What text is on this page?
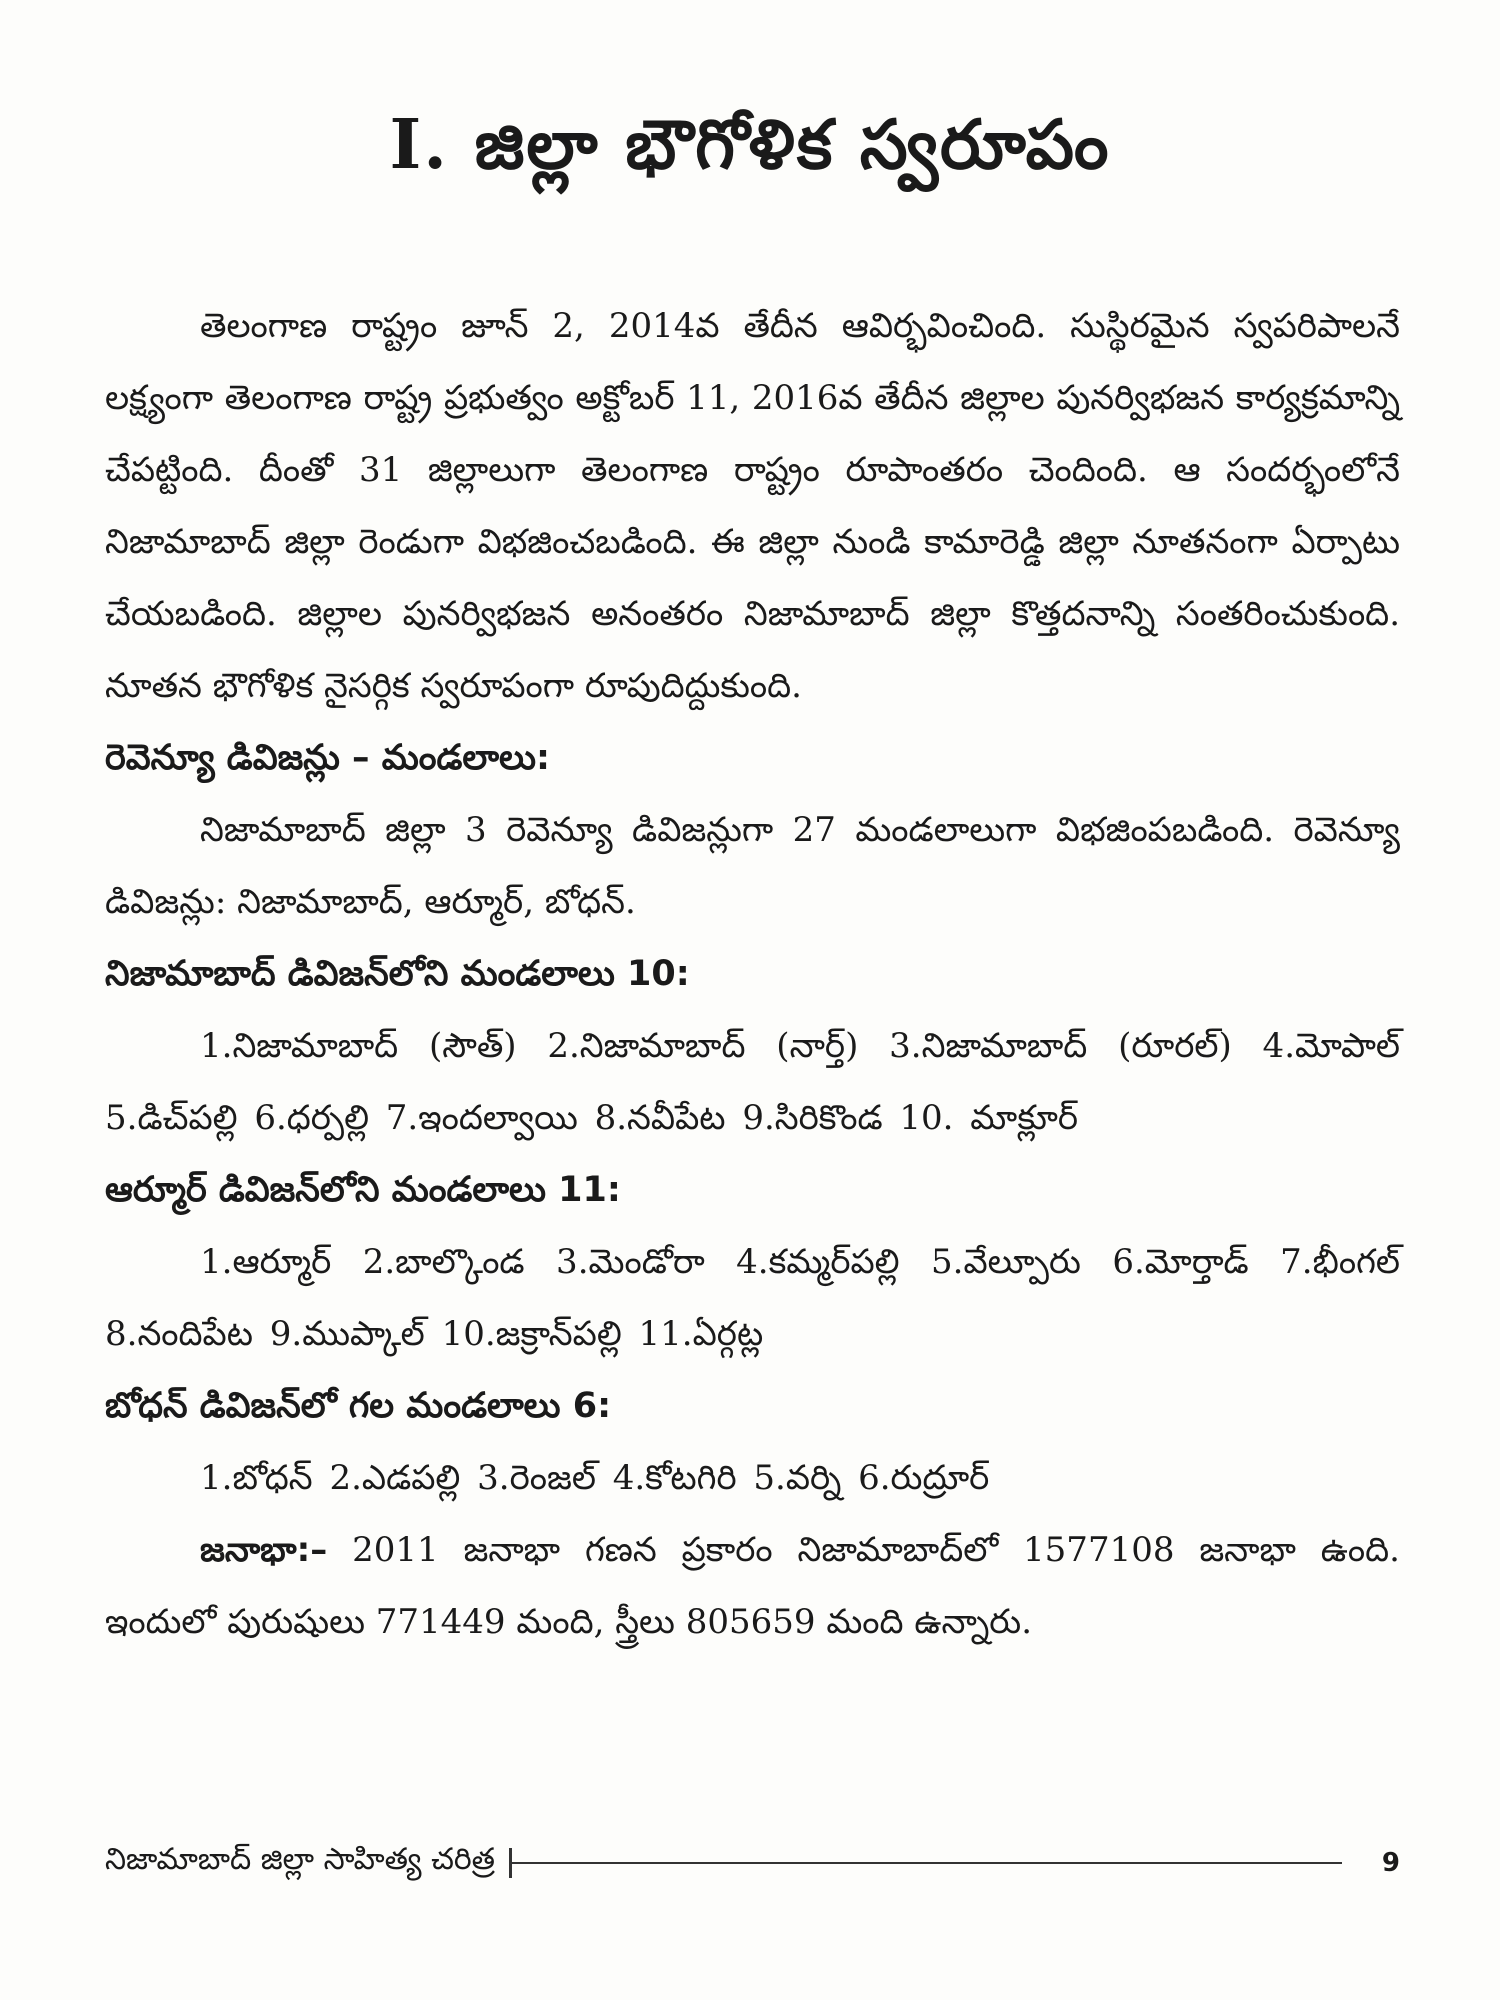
I. జిల్లా భౌగోళిక స్వరూపం

తెలంగాణ రాష్ట్రం జూన్ 2, 2014వ తేదీన ఆవిర్భవించింది. సుస్థిరమైన స్వపరిపాలనే లక్ష్యంగా తెలంగాణ రాష్ట్ర ప్రభుత్వం అక్టోబర్ 11, 2016వ తేదీన జిల్లాల పునర్విభజన కార్యక్రమాన్ని చేపట్టింది. దీంతో 31 జిల్లాలుగా తెలంగాణ రాష్ట్రం రూపాంతరం చెందింది. ఆ సందర్భంలోనే నిజామాబాద్ జిల్లా రెండుగా విభజించబడింది. ఈ జిల్లా నుండి కామారెడ్డి జిల్లా నూతనంగా ఏర్పాటు చేయబడింది. జిల్లాల పునర్విభజన అనంతరం నిజామాబాద్ జిల్లా కొత్తదనాన్ని సంతరించుకుంది. నూతన భౌగోళిక నైసర్గిక స్వరూపంగా రూపుదిద్దుకుంది.

రెవెన్యూ డివిజన్లు – మండలాలు:

నిజామాబాద్ జిల్లా 3 రెవెన్యూ డివిజన్లుగా 27 మండలాలుగా విభజింపబడింది. రెవెన్యూ డివిజన్లు: నిజామాబాద్, ఆర్మూర్, బోధన్.

నిజామాబాద్ డివిజన్‌లోని మండలాలు 10:

1.నిజామాబాద్ (సౌత్) 2.నిజామాబాద్ (నార్త్) 3.నిజామాబాద్ (రూరల్) 4.మోపాల్ 5.డిచ్‌పల్లి 6.ధర్పల్లి 7.ఇందల్వాయి 8.నవీపేట 9.సిరికొండ 10. మాక్లూర్

ఆర్మూర్ డివిజన్‌లోని మండలాలు 11:

1.ఆర్మూర్ 2.బాల్కొండ 3.మెండోరా 4.కమ్మర్‌పల్లి 5.వేల్పూరు 6.మోర్తాడ్ 7.భీంగల్ 8.నందిపేట 9.ముప్కాల్ 10.జక్రాన్‌పల్లి 11.ఏర్గట్ల

బోధన్ డివిజన్‌లో గల మండలాలు 6:

1.బోధన్ 2.ఎడపల్లి 3.రెంజల్ 4.కోటగిరి 5.వర్ని 6.రుద్రూర్

జనాభా:– 2011 జనాభా గణన ప్రకారం నిజామాబాద్‌లో 1577108 జనాభా ఉంది. ఇందులో పురుషులు 771449 మంది, స్త్రీలు 805659 మంది ఉన్నారు.

నిజామాబాద్ జిల్లా సాహిత్య చరిత్ర	9
